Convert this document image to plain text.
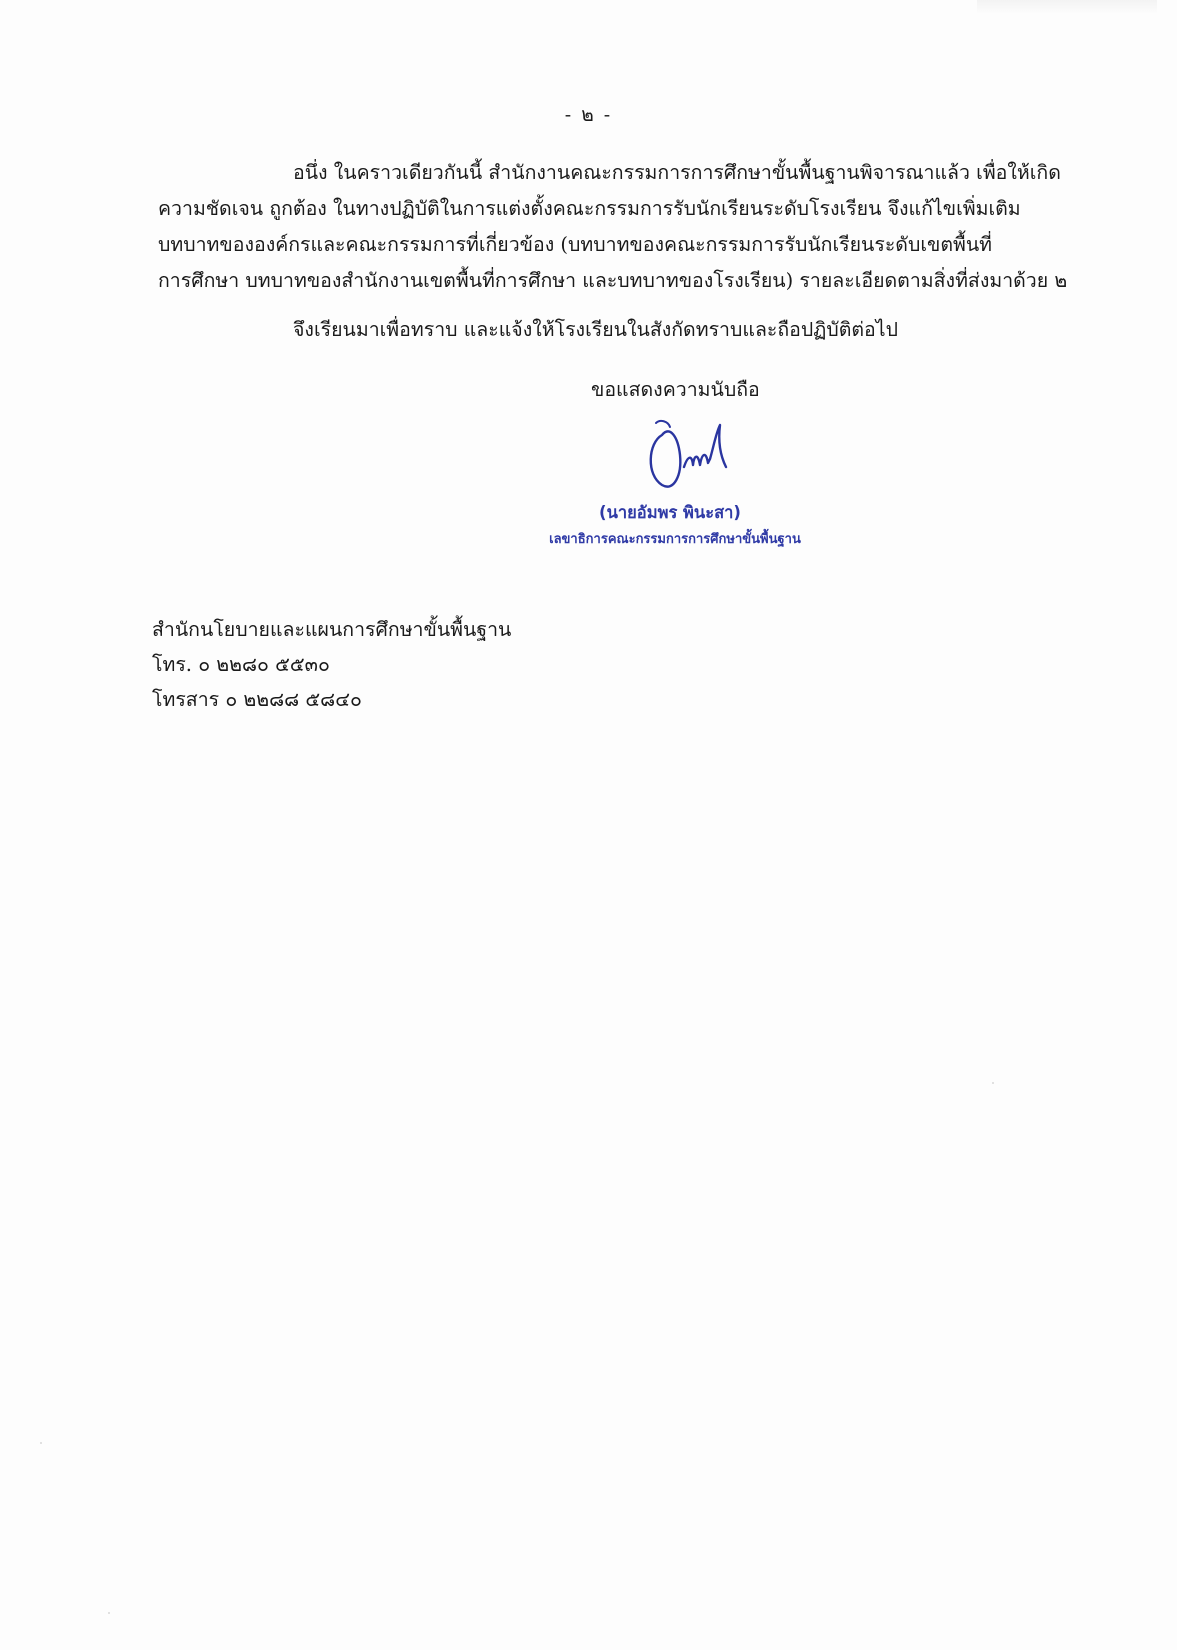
- ๒ -
อนึ่ง ในคราวเดียวกันนี้ สำนักงานคณะกรรมการการศึกษาขั้นพื้นฐานพิจารณาแล้ว เพื่อให้เกิด
ความชัดเจน ถูกต้อง ในทางปฏิบัติในการแต่งตั้งคณะกรรมการรับนักเรียนระดับโรงเรียน จึงแก้ไขเพิ่มเติม
บทบาทขององค์กรและคณะกรรมการที่เกี่ยวข้อง (บทบาทของคณะกรรมการรับนักเรียนระดับเขตพื้นที่
การศึกษา บทบาทของสำนักงานเขตพื้นที่การศึกษา และบทบาทของโรงเรียน) รายละเอียดตามสิ่งที่ส่งมาด้วย ๒
จึงเรียนมาเพื่อทราบ และแจ้งให้โรงเรียนในสังกัดทราบและถือปฏิบัติต่อไป
ขอแสดงความนับถือ
(นายอัมพร พินะสา)
เลขาธิการคณะกรรมการการศึกษาขั้นพื้นฐาน
สำนักนโยบายและแผนการศึกษาขั้นพื้นฐาน
โทร. ๐ ๒๒๘๐ ๕๕๓๐
โทรสาร ๐ ๒๒๘๘ ๕๘๔๐
